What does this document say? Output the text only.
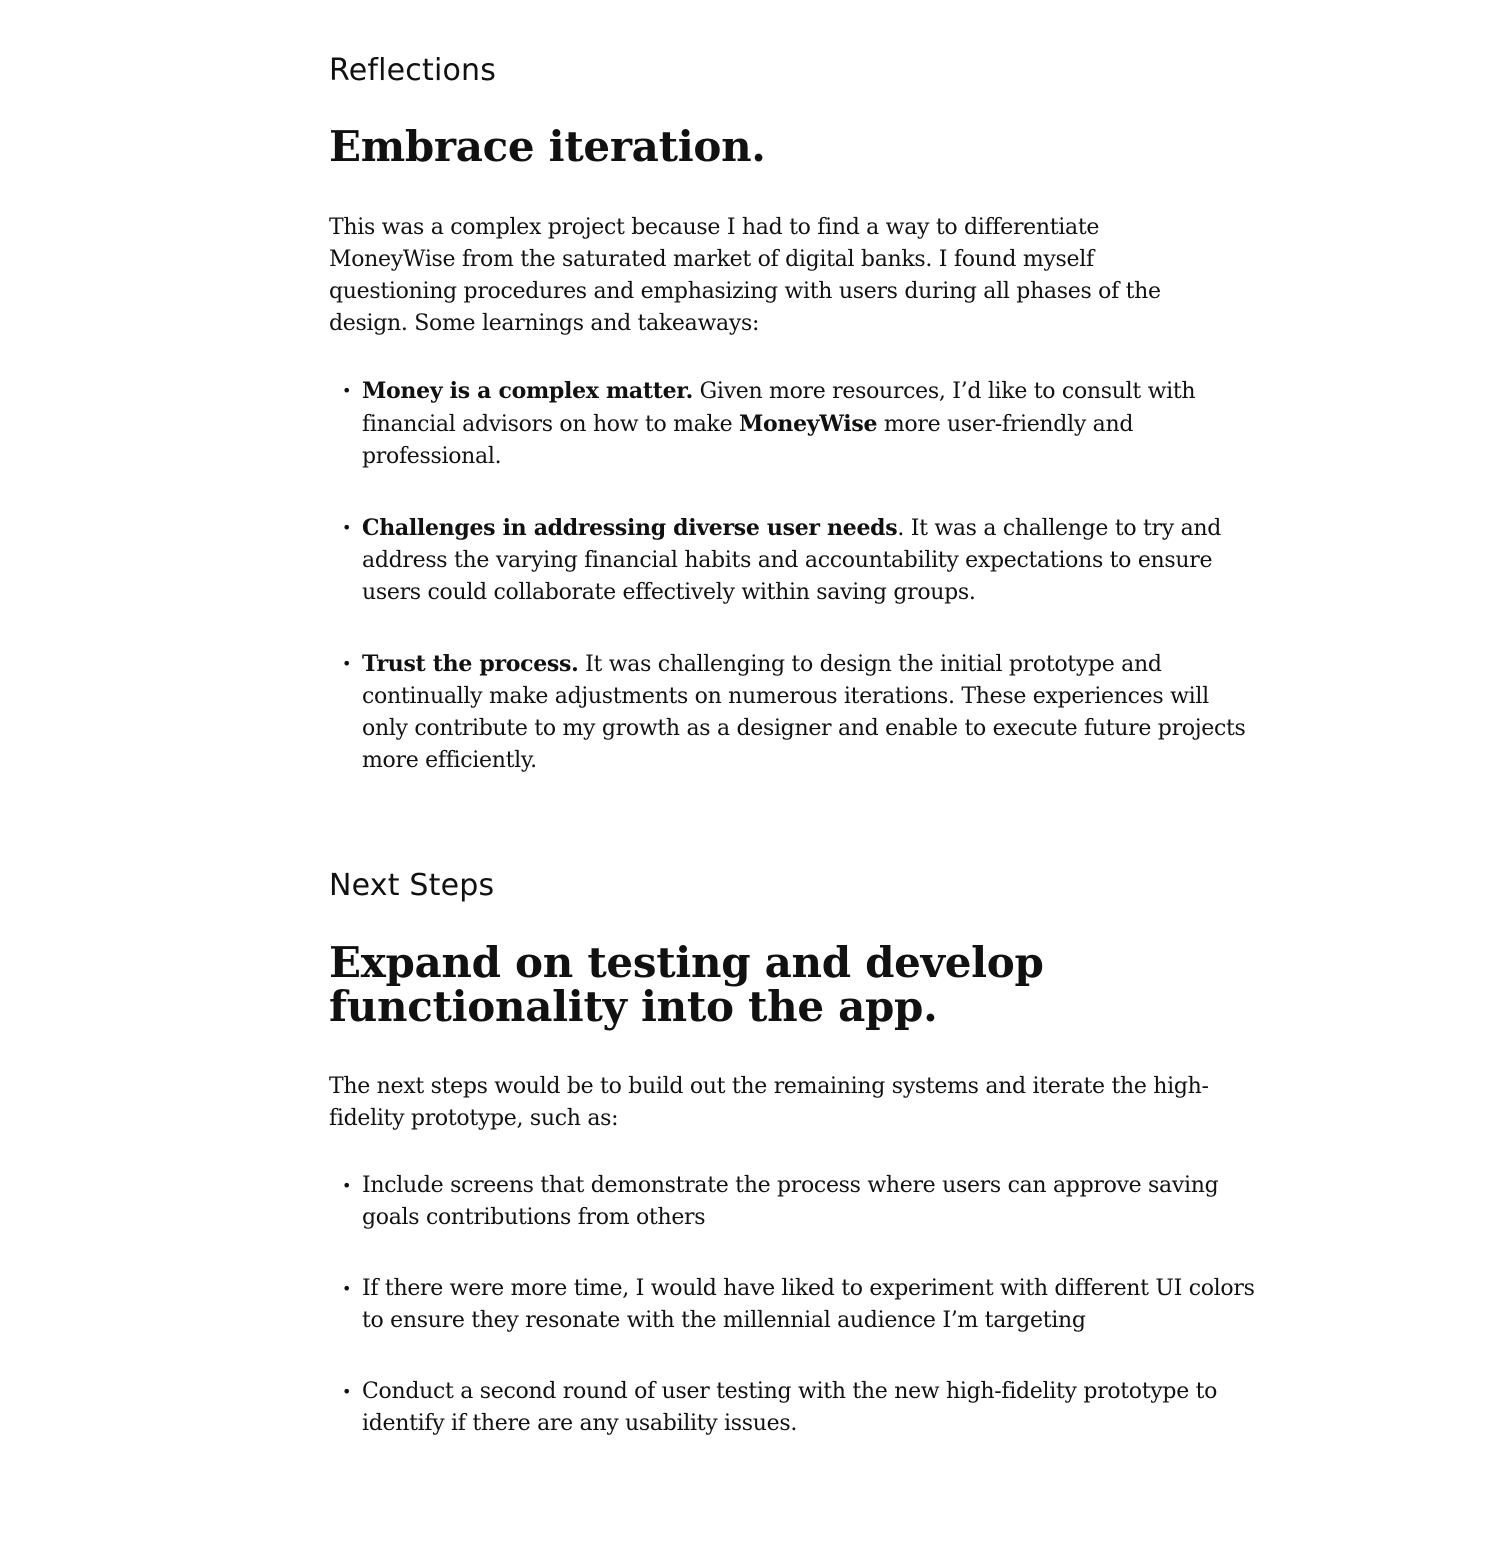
Reflections
Embrace iteration.

This was a complex project because I had to find a way to differentiate MoneyWise from the saturated market of digital banks. I found myself questioning procedures and emphasizing with users during all phases of the design. Some learnings and takeaways:

• Money is a complex matter. Given more resources, I’d like to consult with financial advisors on how to make MoneyWise more user-friendly and professional.
• Challenges in addressing diverse user needs. It was a challenge to try and address the varying financial habits and accountability expectations to ensure users could collaborate effectively within saving groups.
• Trust the process. It was challenging to design the initial prototype and continually make adjustments on numerous iterations. These experiences will only contribute to my growth as a designer and enable to execute future projects more efficiently.
Next Steps
Expand on testing and develop functionality into the app.

The next steps would be to build out the remaining systems and iterate the high-fidelity prototype, such as:

• Include screens that demonstrate the process where users can approve saving goals contributions from others
• If there were more time, I would have liked to experiment with different UI colors to ensure they resonate with the millennial audience I’m targeting
• Conduct a second round of user testing with the new high-fidelity prototype to identify if there are any usability issues.
